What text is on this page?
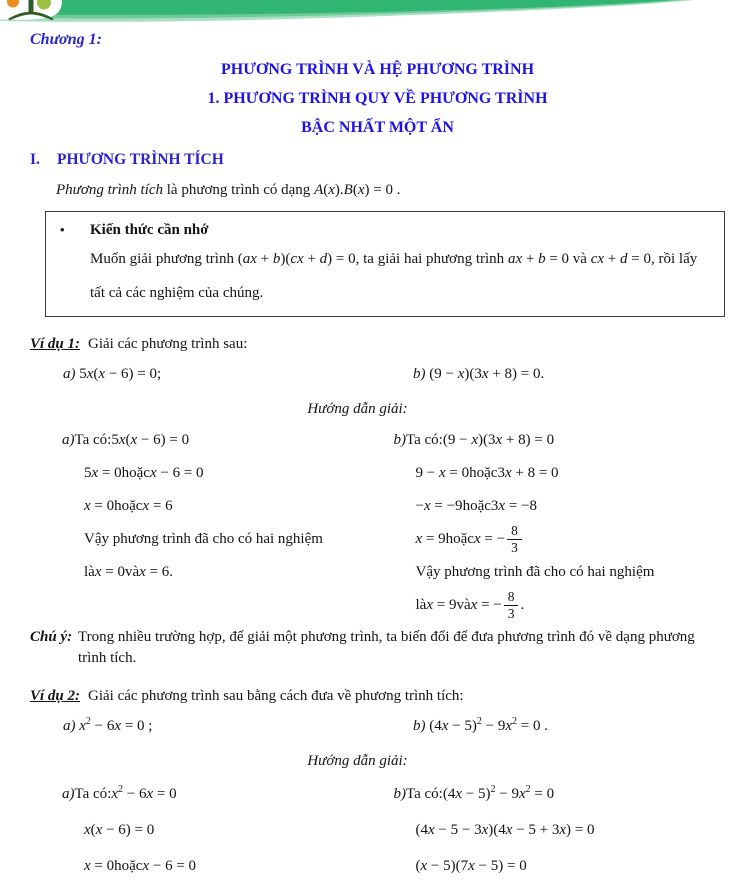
Chương 1:
PHƯƠNG TRÌNH VÀ HỆ PHƯƠNG TRÌNH
1. PHƯƠNG TRÌNH QUY VỀ PHƯƠNG TRÌNH
BẬC NHẤT MỘT ẨN
I. PHƯƠNG TRÌNH TÍCH
Phương trình tích là phương trình có dạng A(x).B(x) = 0 .
• Kiến thức cần nhớ
Muốn giải phương trình (ax + b)(cx + d) = 0, ta giải hai phương trình ax + b = 0 và cx + d = 0, rồi lấy tất cả các nghiệm của chúng.
Ví dụ 1: Giải các phương trình sau:
a) 5x(x − 6) = 0;	b) (9 − x)(3x + 8) = 0.
Hướng dẫn giải:
a) Ta có: 5x(x − 6) = 0
5x = 0 hoặc x − 6 = 0
x = 0 hoặc x = 6
Vậy phương trình đã cho có hai nghiệm
là x = 0 và x = 6 .
b) Ta có: (9 − x)(3x + 8) = 0
9 − x = 0 hoặc 3x + 8 = 0
−x = −9 hoặc 3x = −8
x = 9 hoặc x = − $\frac{8}{3}$
Vậy phương trình đã cho có hai nghiệm
là x = 9 và x = − $\frac{8}{3}$ .
Chú ý: Trong nhiều trường hợp, để giải một phương trình, ta biến đổi để đưa phương trình đó về dạng phương trình tích.
Ví dụ 2: Giải các phương trình sau bằng cách đưa về phương trình tích:
a) $x^2 - 6x = 0$ ;	b) $(4x - 5)^2 - 9x^2 = 0$ .
Hướng dẫn giải:
a) Ta có: $x^2 - 6x = 0$
x(x − 6) = 0
x = 0 hoặc x − 6 = 0
b) Ta có: $(4x - 5)^2 - 9x^2 = 0$
(4x − 5 − 3x)(4x − 5 + 3x) = 0
(x − 5)(7x − 5) = 0
